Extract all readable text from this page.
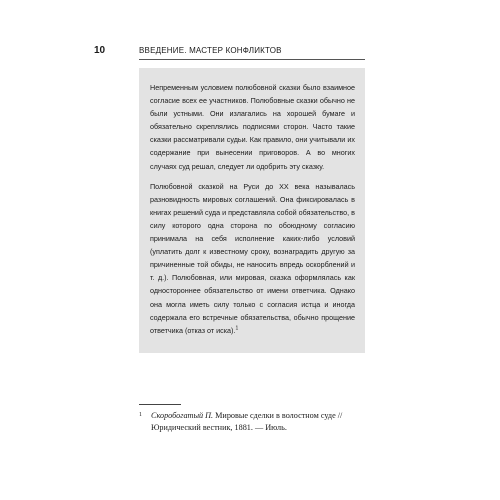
10	ВВЕДЕНИЕ. МАСТЕР КОНФЛИКТОВ

Непременным условием полюбовной сказки было взаимное согласие всех ее участников. Полюбовные сказки обычно не были устными. Они излагались на хорошей бумаге и обязательно скреплялись подписями сторон. Часто такие сказки рассматривали судьи. Как правило, они учитывали их содержание при вынесении приговоров. А во многих случаях суд решал, следует ли одобрить эту сказку.

Полюбовной сказкой на Руси до XX века называлась разновидность мировых соглашений. Она фиксировалась в книгах решений суда и представляла собой обязательство, в силу которого одна сторона по обоюдному согласию принимала на себя исполнение каких-либо условий (уплатить долг к известному сроку, вознаградить другую за причиненные той обиды, не наносить впредь оскорблений и т. д.). Полюбовная, или мировая, сказка оформлялась как одностороннее обязательство от имени ответчика. Однако она могла иметь силу только с согласия истца и иногда содержала его встречные обязательства, обычно прощение ответчика (отказ от иска).$^1$

1 Скоробогатый П. Мировые сделки в волостном суде // Юридический вестник, 1881. — Июль.
